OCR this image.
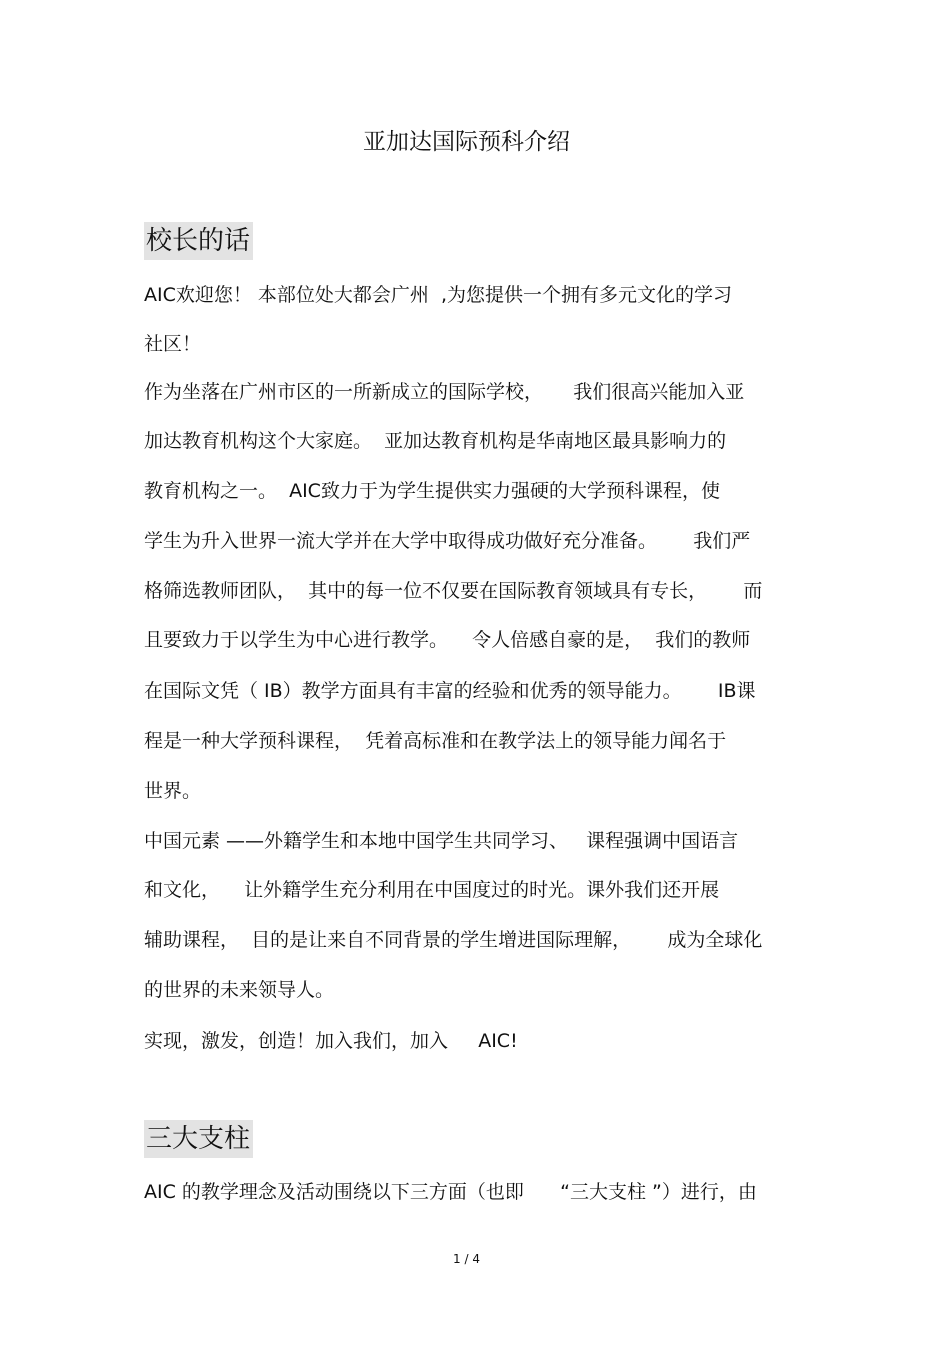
亚加达国际预科介绍
校长的话
AIC欢迎您！ 本部位处大都会广州  ,为您提供一个拥有多元文化的学习
社区！
作为坐落在广州市区的一所新成立的国际学校，     我们很高兴能加入亚
加达教育机构这个大家庭。  亚加达教育机构是华南地区最具影响力的
教育机构之一。  AIC致力于为学生提供实力强硬的大学预科课程，使
学生为升入世界一流大学并在大学中取得成功做好充分准备。      我们严
格筛选教师团队，  其中的每一位不仅要在国际教育领域具有专长，      而
且要致力于以学生为中心进行教学。    令人倍感自豪的是，  我们的教师
在国际文凭（ IB）教学方面具有丰富的经验和优秀的领导能力。      IB课
程是一种大学预科课程，  凭着高标准和在教学法上的领导能力闻名于
世界。
中国元素 ——外籍学生和本地中国学生共同学习、   课程强调中国语言
和文化，    让外籍学生充分利用在中国度过的时光。课外我们还开展
辅助课程，  目的是让来自不同背景的学生增进国际理解，      成为全球化
的世界的未来领导人。
实现，激发，创造！加入我们，加入     AIC!
三大支柱
AIC 的教学理念及活动围绕以下三方面（也即      “三大支柱 ”）进行，由
1 / 4
